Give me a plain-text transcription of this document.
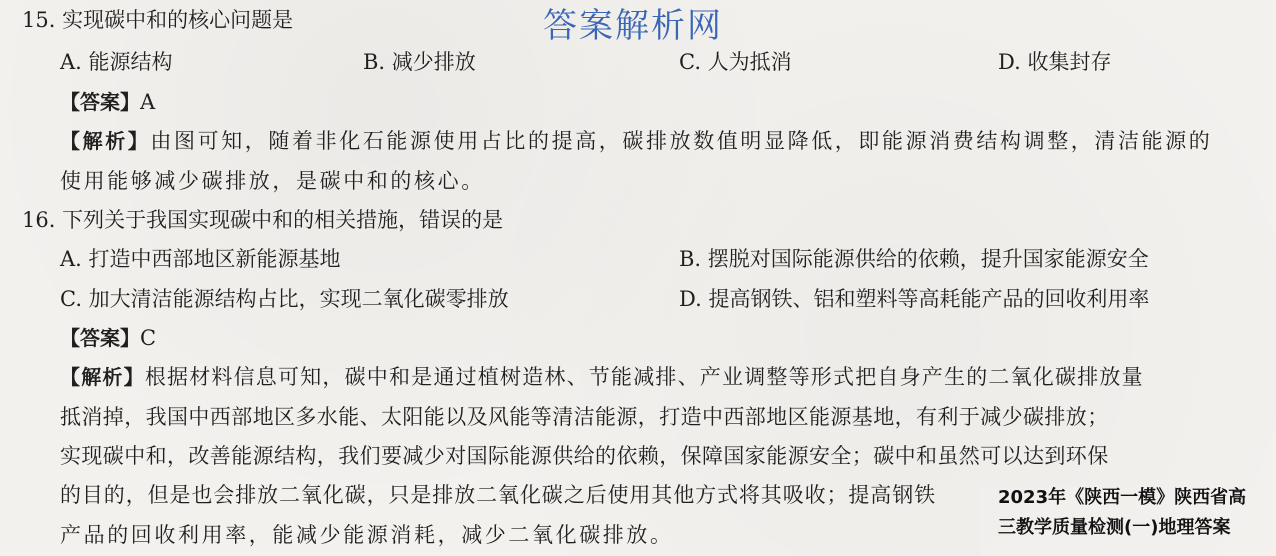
答案解析网
15. 实现碳中和的核心问题是
A. 能源结构	B. 减少排放	C. 人为抵消	D. 收集封存
【答案】A
【解析】由图可知，随着非化石能源使用占比的提高，碳排放数值明显降低，即能源消费结构调整，清洁能源的
使用能够减少碳排放，是碳中和的核心。
16. 下列关于我国实现碳中和的相关措施，错误的是
A. 打造中西部地区新能源基地	B. 摆脱对国际能源供给的依赖，提升国家能源安全
C. 加大清洁能源结构占比，实现二氧化碳零排放	D. 提高钢铁、铝和塑料等高耗能产品的回收利用率
【答案】C
【解析】根据材料信息可知，碳中和是通过植树造林、节能减排、产业调整等形式把自身产生的二氧化碳排放量
抵消掉，我国中西部地区多水能、太阳能以及风能等清洁能源，打造中西部地区能源基地，有利于减少碳排放；
实现碳中和，改善能源结构，我们要减少对国际能源供给的依赖，保障国家能源安全；碳中和虽然可以达到环保
的目的，但是也会排放二氧化碳，只是排放二氧化碳之后使用其他方式将其吸收；提高钢铁
产品的回收利用率，能减少能源消耗，减少二氧化碳排放。
2023年《陕西一模》陕西省高
三教学质量检测(一)地理答案
